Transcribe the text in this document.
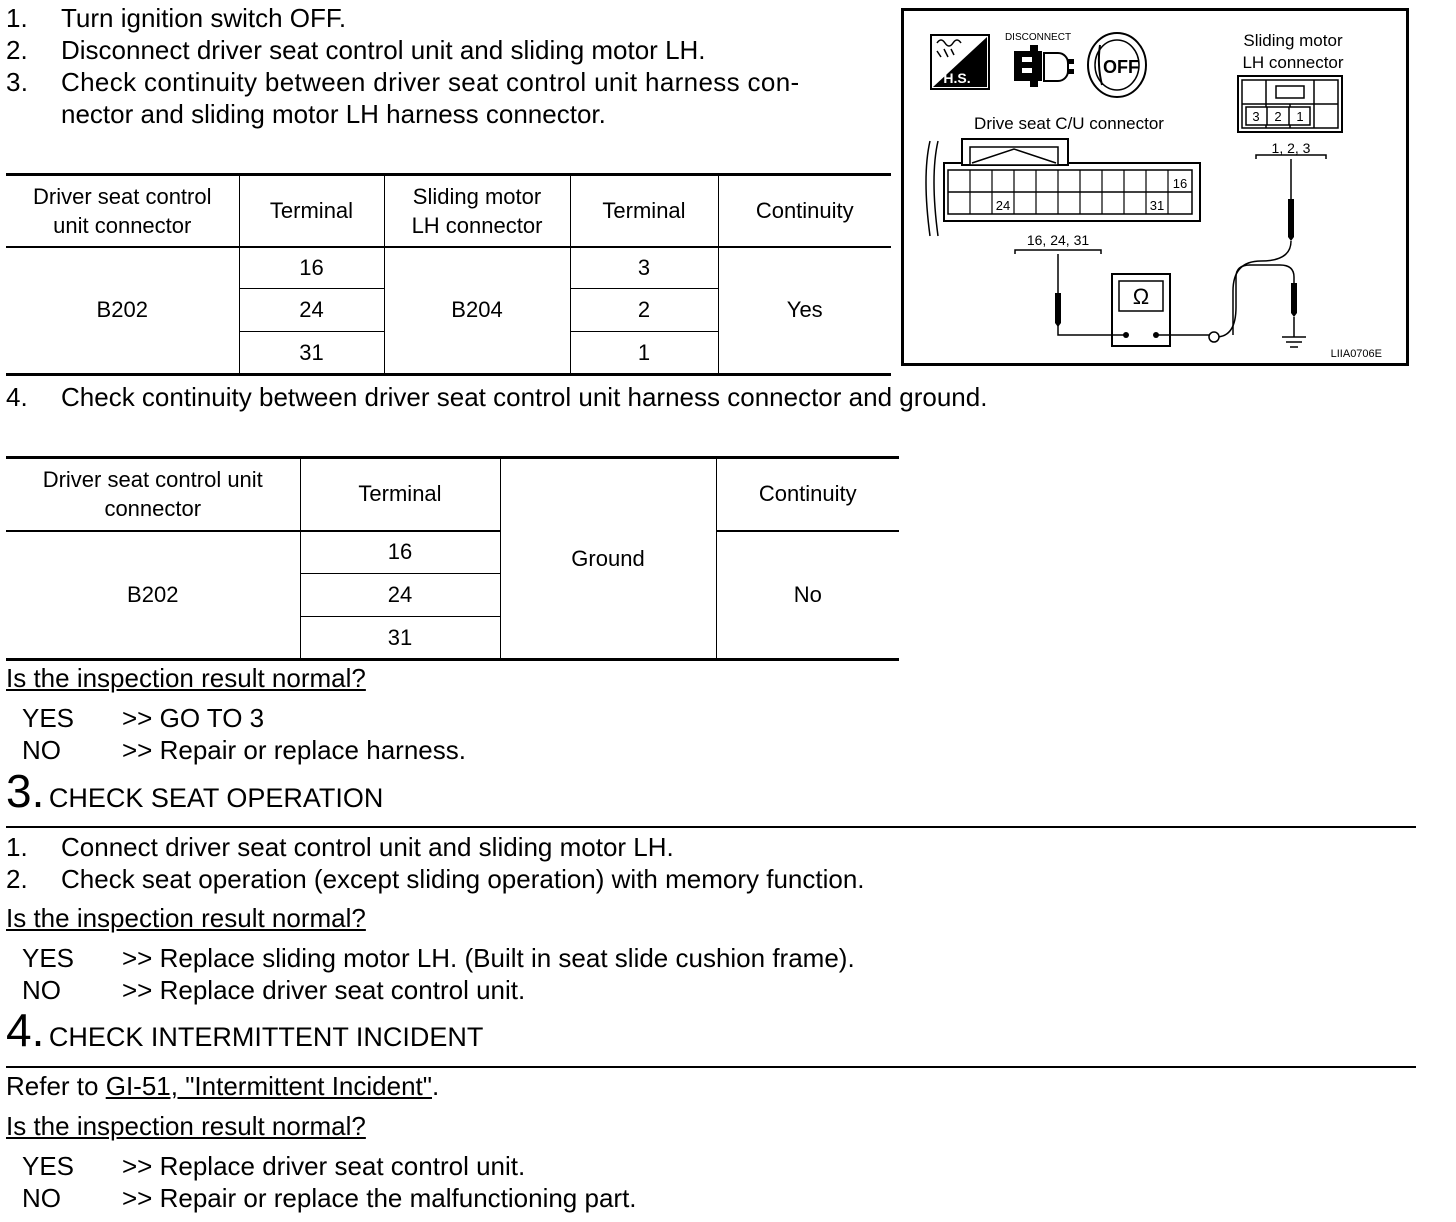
1. Turn ignition switch OFF.
2. Disconnect driver seat control unit and sliding motor LH.
3. Check continuity between driver seat control unit harness con-
nector and sliding motor LH harness connector.
Driver seat control unit connector	Terminal	Sliding motor LH connector	Terminal	Continuity
B202	16	B204	3	Yes
	24		2	
	31		1	
4. Check continuity between driver seat control unit harness connector and ground.
Driver seat control unit connector	Terminal	Ground	Continuity
B202	16		No
	24		
	31		
Is the inspection result normal?
YES >> GO TO 3
NO >> Repair or replace harness.
3. CHECK SEAT OPERATION
1. Connect driver seat control unit and sliding motor LH.
2. Check seat operation (except sliding operation) with memory function.
Is the inspection result normal?
YES >> Replace sliding motor LH. (Built in seat slide cushion frame).
NO >> Replace driver seat control unit.
4. CHECK INTERMITTENT INCIDENT
Refer to GI-51, "Intermittent Incident".
Is the inspection result normal?
YES >> Replace driver seat control unit.
NO >> Repair or replace the malfunctioning part.
H.S.
DISCONNECT
OFF
Sliding motor
LH connector
3 2 1
1, 2, 3
Drive seat C/U connector
16
24	31
16, 24, 31
Ω
LIIA0706E
